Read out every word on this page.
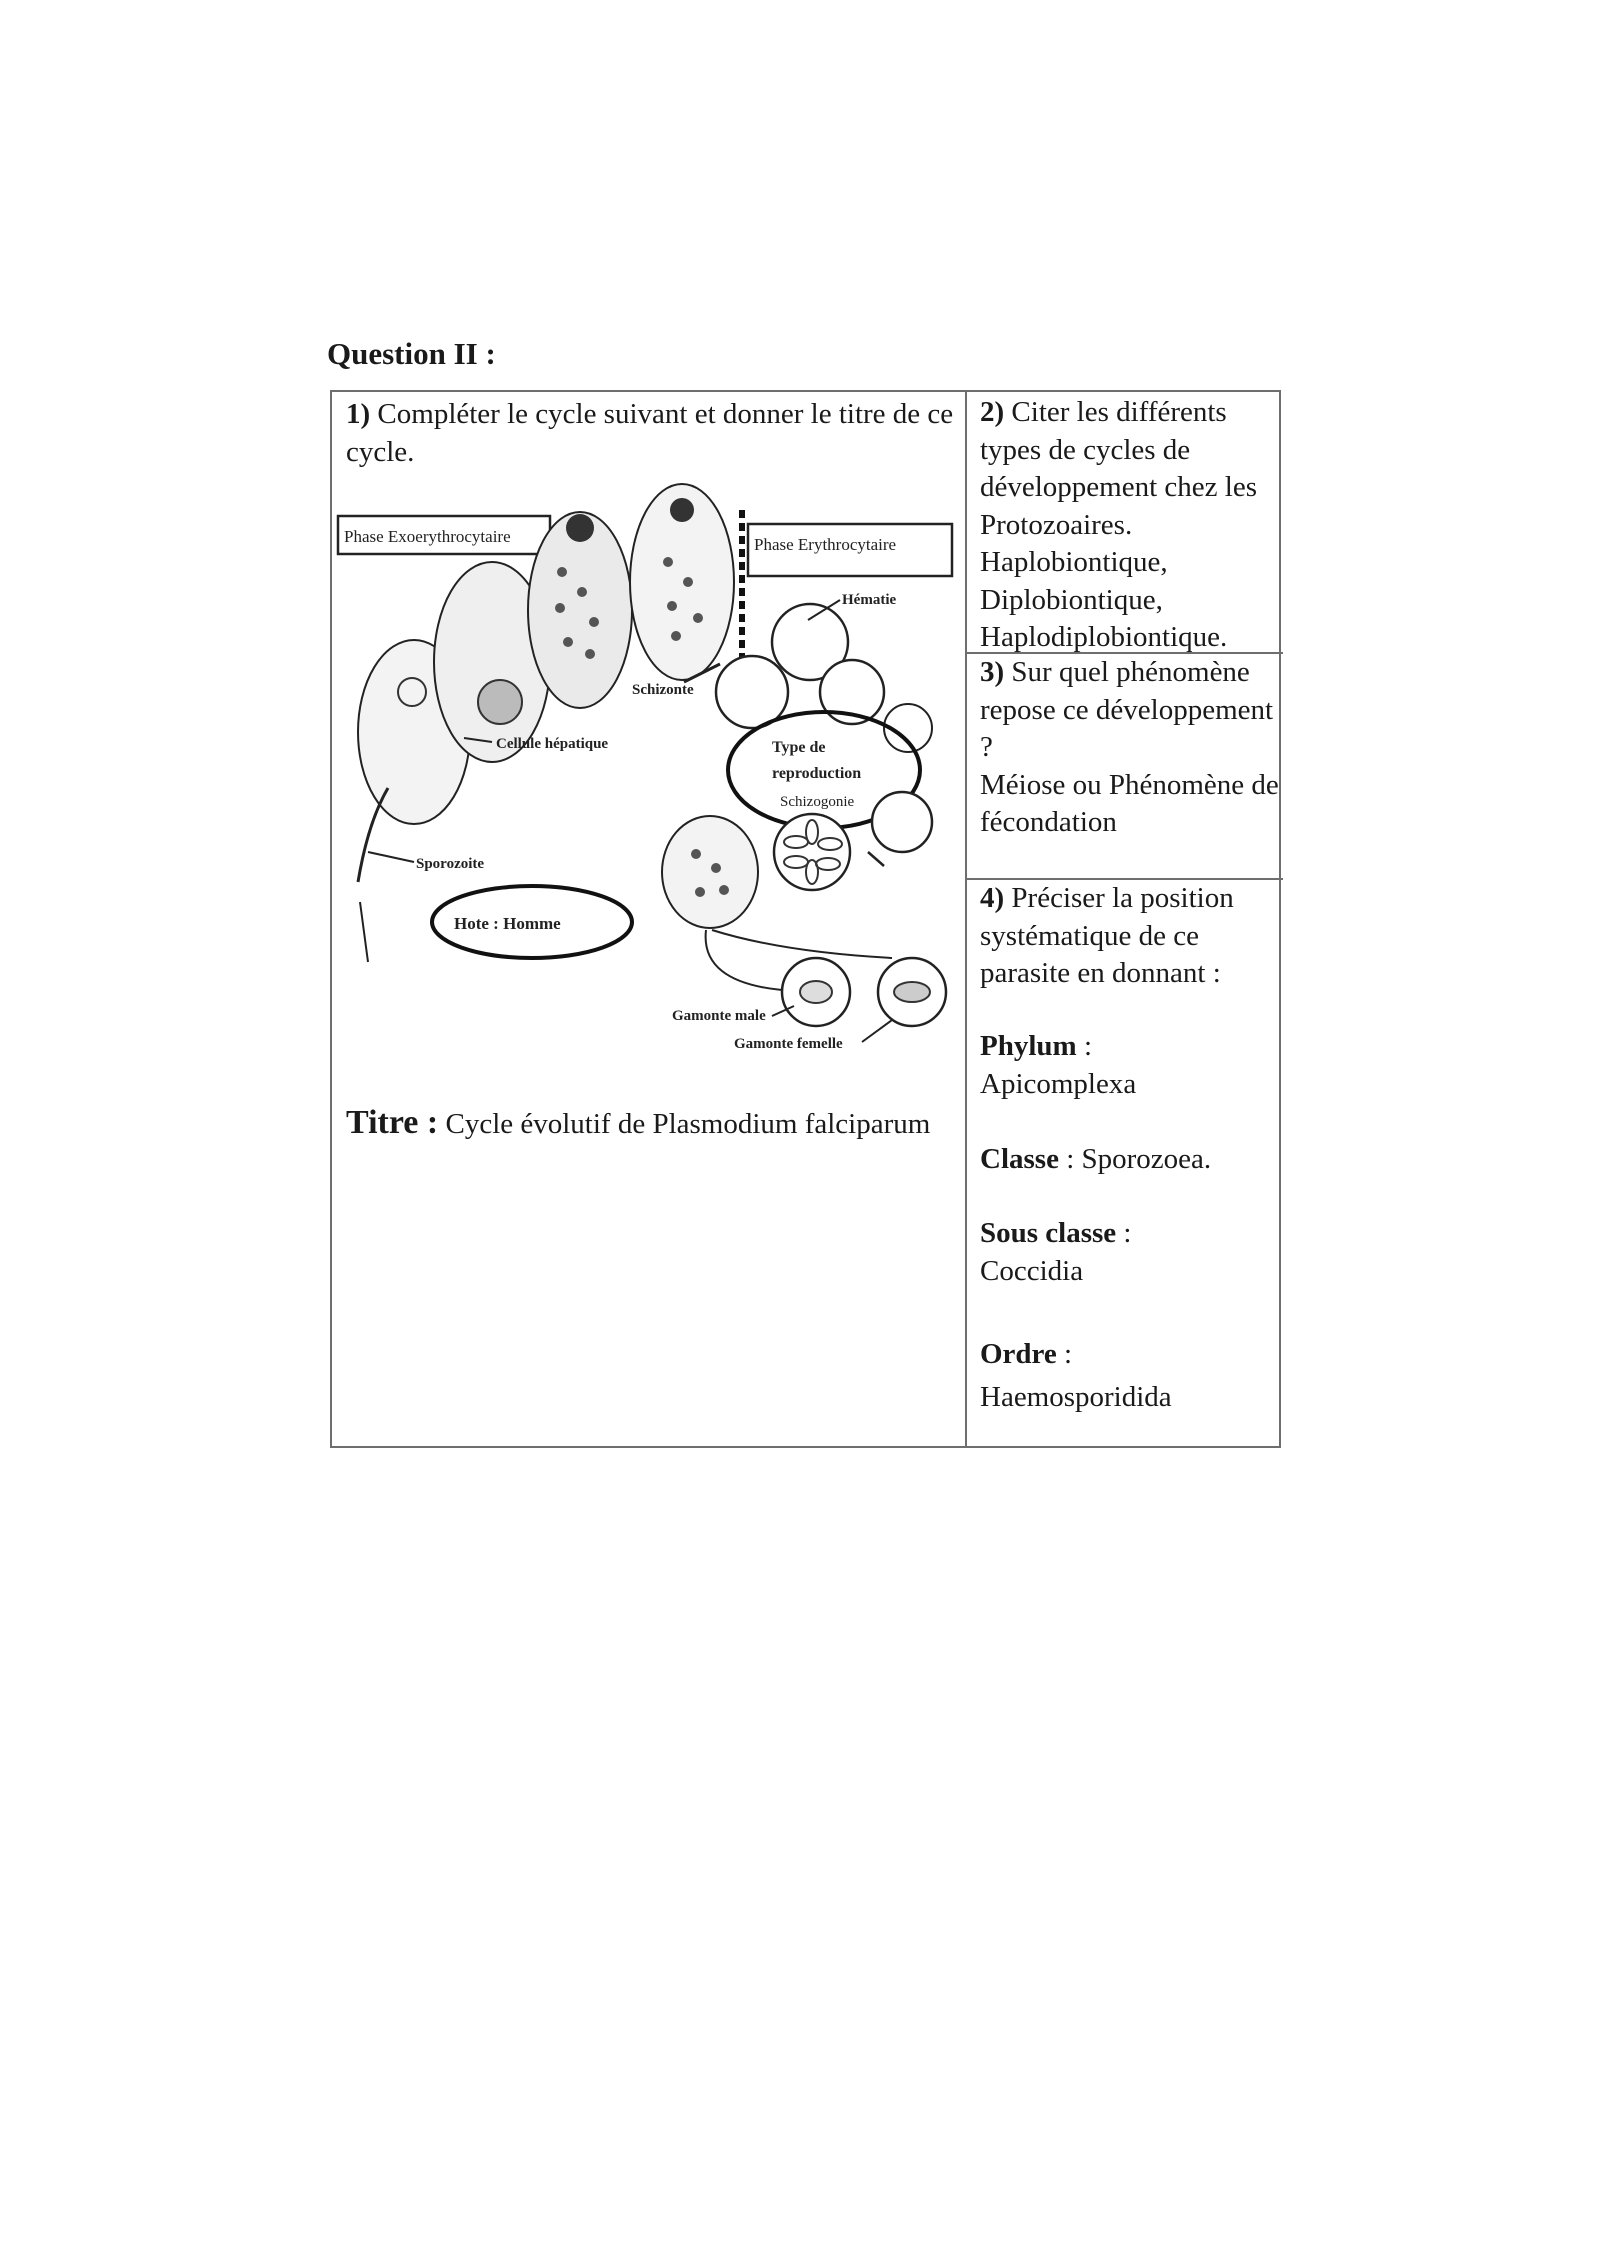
Question II :
1) Compléter le cycle suivant et donner le titre de ce cycle.
Phase Exoerythrocytaire	Phase Erythrocytaire
Schizonte
Hématie
Type de
reproduction
Schizogonie
Cellule hépatique
Gamonte male
Gamonte femelle
Sporozoite
Hote : Homme
Titre : Cycle évolutif de Plasmodium falciparum
2) Citer les différents types de cycles de développement chez les Protozoaires.
Haplobiontique,
Diplobiontique,
Haplodiplobiontique.
3) Sur quel phénomène repose ce développement ?
Méiose ou Phénomène de fécondation
4) Préciser la position systématique de ce parasite en donnant :
Phylum :
Apicomplexa
Classe : Sporozoea.
Sous classe :
Coccidia
Ordre :
Haemosporidida
